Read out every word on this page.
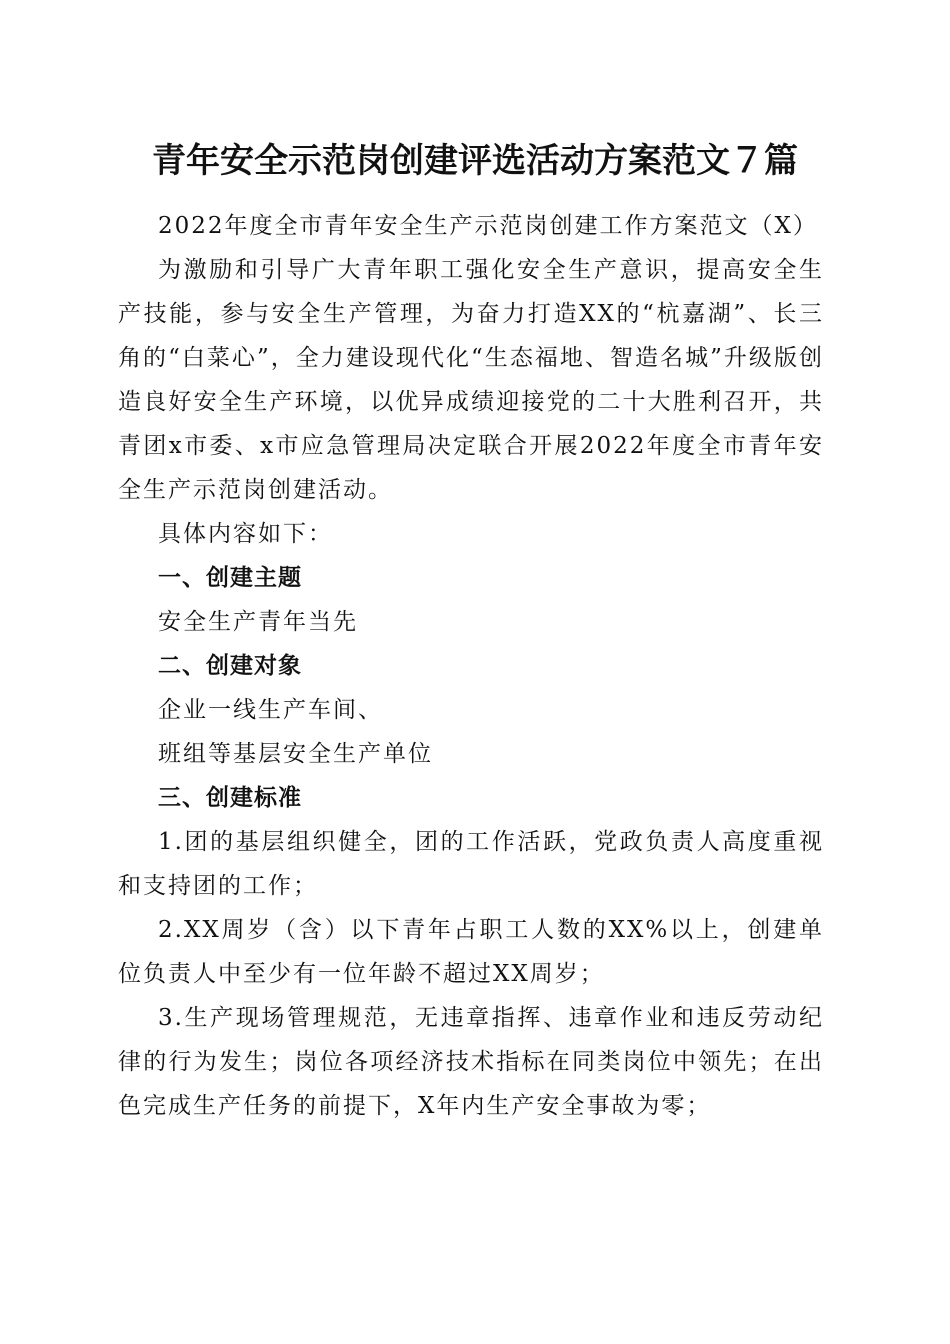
青年安全示范岗创建评选活动方案范文７篇

2022年度全市青年安全生产示范岗创建工作方案范文（X）

为激励和引导广大青年职工强化安全生产意识，提高安全生产技能，参与安全生产管理，为奋力打造XX的“杭嘉湖”、长三角的“白菜心”，全力建设现代化“生态福地、智造名城”升级版创造良好安全生产环境，以优异成绩迎接党的二十大胜利召开，共青团x市委、x市应急管理局决定联合开展2022年度全市青年安全生产示范岗创建活动。

具体内容如下：

一、创建主题

安全生产青年当先

二、创建对象

企业一线生产车间、

班组等基层安全生产单位

三、创建标准

1.团的基层组织健全，团的工作活跃，党政负责人高度重视和支持团的工作；

2.XX周岁（含）以下青年占职工人数的XX%以上，创建单位负责人中至少有一位年龄不超过XX周岁；

3.生产现场管理规范，无违章指挥、违章作业和违反劳动纪律的行为发生；岗位各项经济技术指标在同类岗位中领先；在出色完成生产任务的前提下，X年内生产安全事故为零；
